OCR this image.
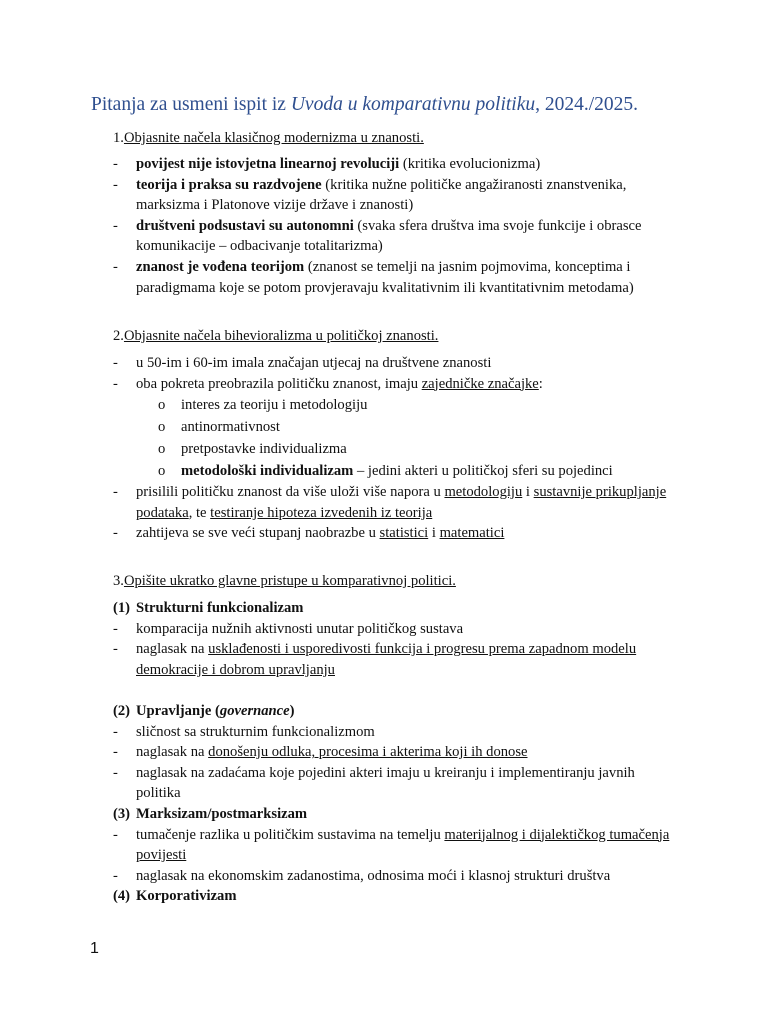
Pitanja za usmeni ispit iz Uvoda u komparativnu politiku, 2024./2025.
1.Objasnite načela klasičnog modernizma u znanosti.
- povijest nije istovjetna linearnoj revoluciji (kritika evolucionizma)
- teorija i praksa su razdvojene (kritika nužne političke angažiranosti znanstvenika, marksizma i Platonove vizije države i znanosti)
- društveni podsustavi su autonomni (svaka sfera društva ima svoje funkcije i obrasce komunikacije – odbacivanje totalitarizma)
- znanost je vođena teorijom (znanost se temelji na jasnim pojmovima, konceptima i paradigmama koje se potom provjeravaju kvalitativnim ili kvantitativnim metodama)
2.Objasnite načela bihevioralizma u političkoj znanosti.
- u 50-im i 60-im imala značajan utjecaj na društvene znanosti
- oba pokreta preobrazila političku znanost, imaju zajedničke značajke:
o interes za teoriju i metodologiju
o antinormativnost
o pretpostavke individualizma
o metodološki individualizam – jedini akteri u političkoj sferi su pojedinci
- prisilili političku znanost da više uloži više napora u metodologiju i sustavnije prikupljanje podataka, te testiranje hipoteza izvedenih iz teorija
- zahtijeva se sve veći stupanj naobrazbe u statistici i matematici
3.Opišite ukratko glavne pristupe u komparativnoj politici.
(1) Strukturni funkcionalizam
- komparacija nužnih aktivnosti unutar političkog sustava
- naglasak na usklađenosti i usporedivosti funkcija i progresu prema zapadnom modelu demokracije i dobrom upravljanju
(2) Upravljanje (governance)
- sličnost sa strukturnim funkcionalizmom
- naglasak na donošenju odluka, procesima i akterima koji ih donose
- naglasak na zadaćama koje pojedini akteri imaju u kreiranju i implementiranju javnih politika
(3) Marksizam/postmarksizam
- tumačenje razlika u političkim sustavima na temelju materijalnog i dijalektičkog tumačenja povijesti
- naglasak na ekonomskim zadanostima, odnosima moći i klasnoj strukturi društva
(4) Korporativizam
1
